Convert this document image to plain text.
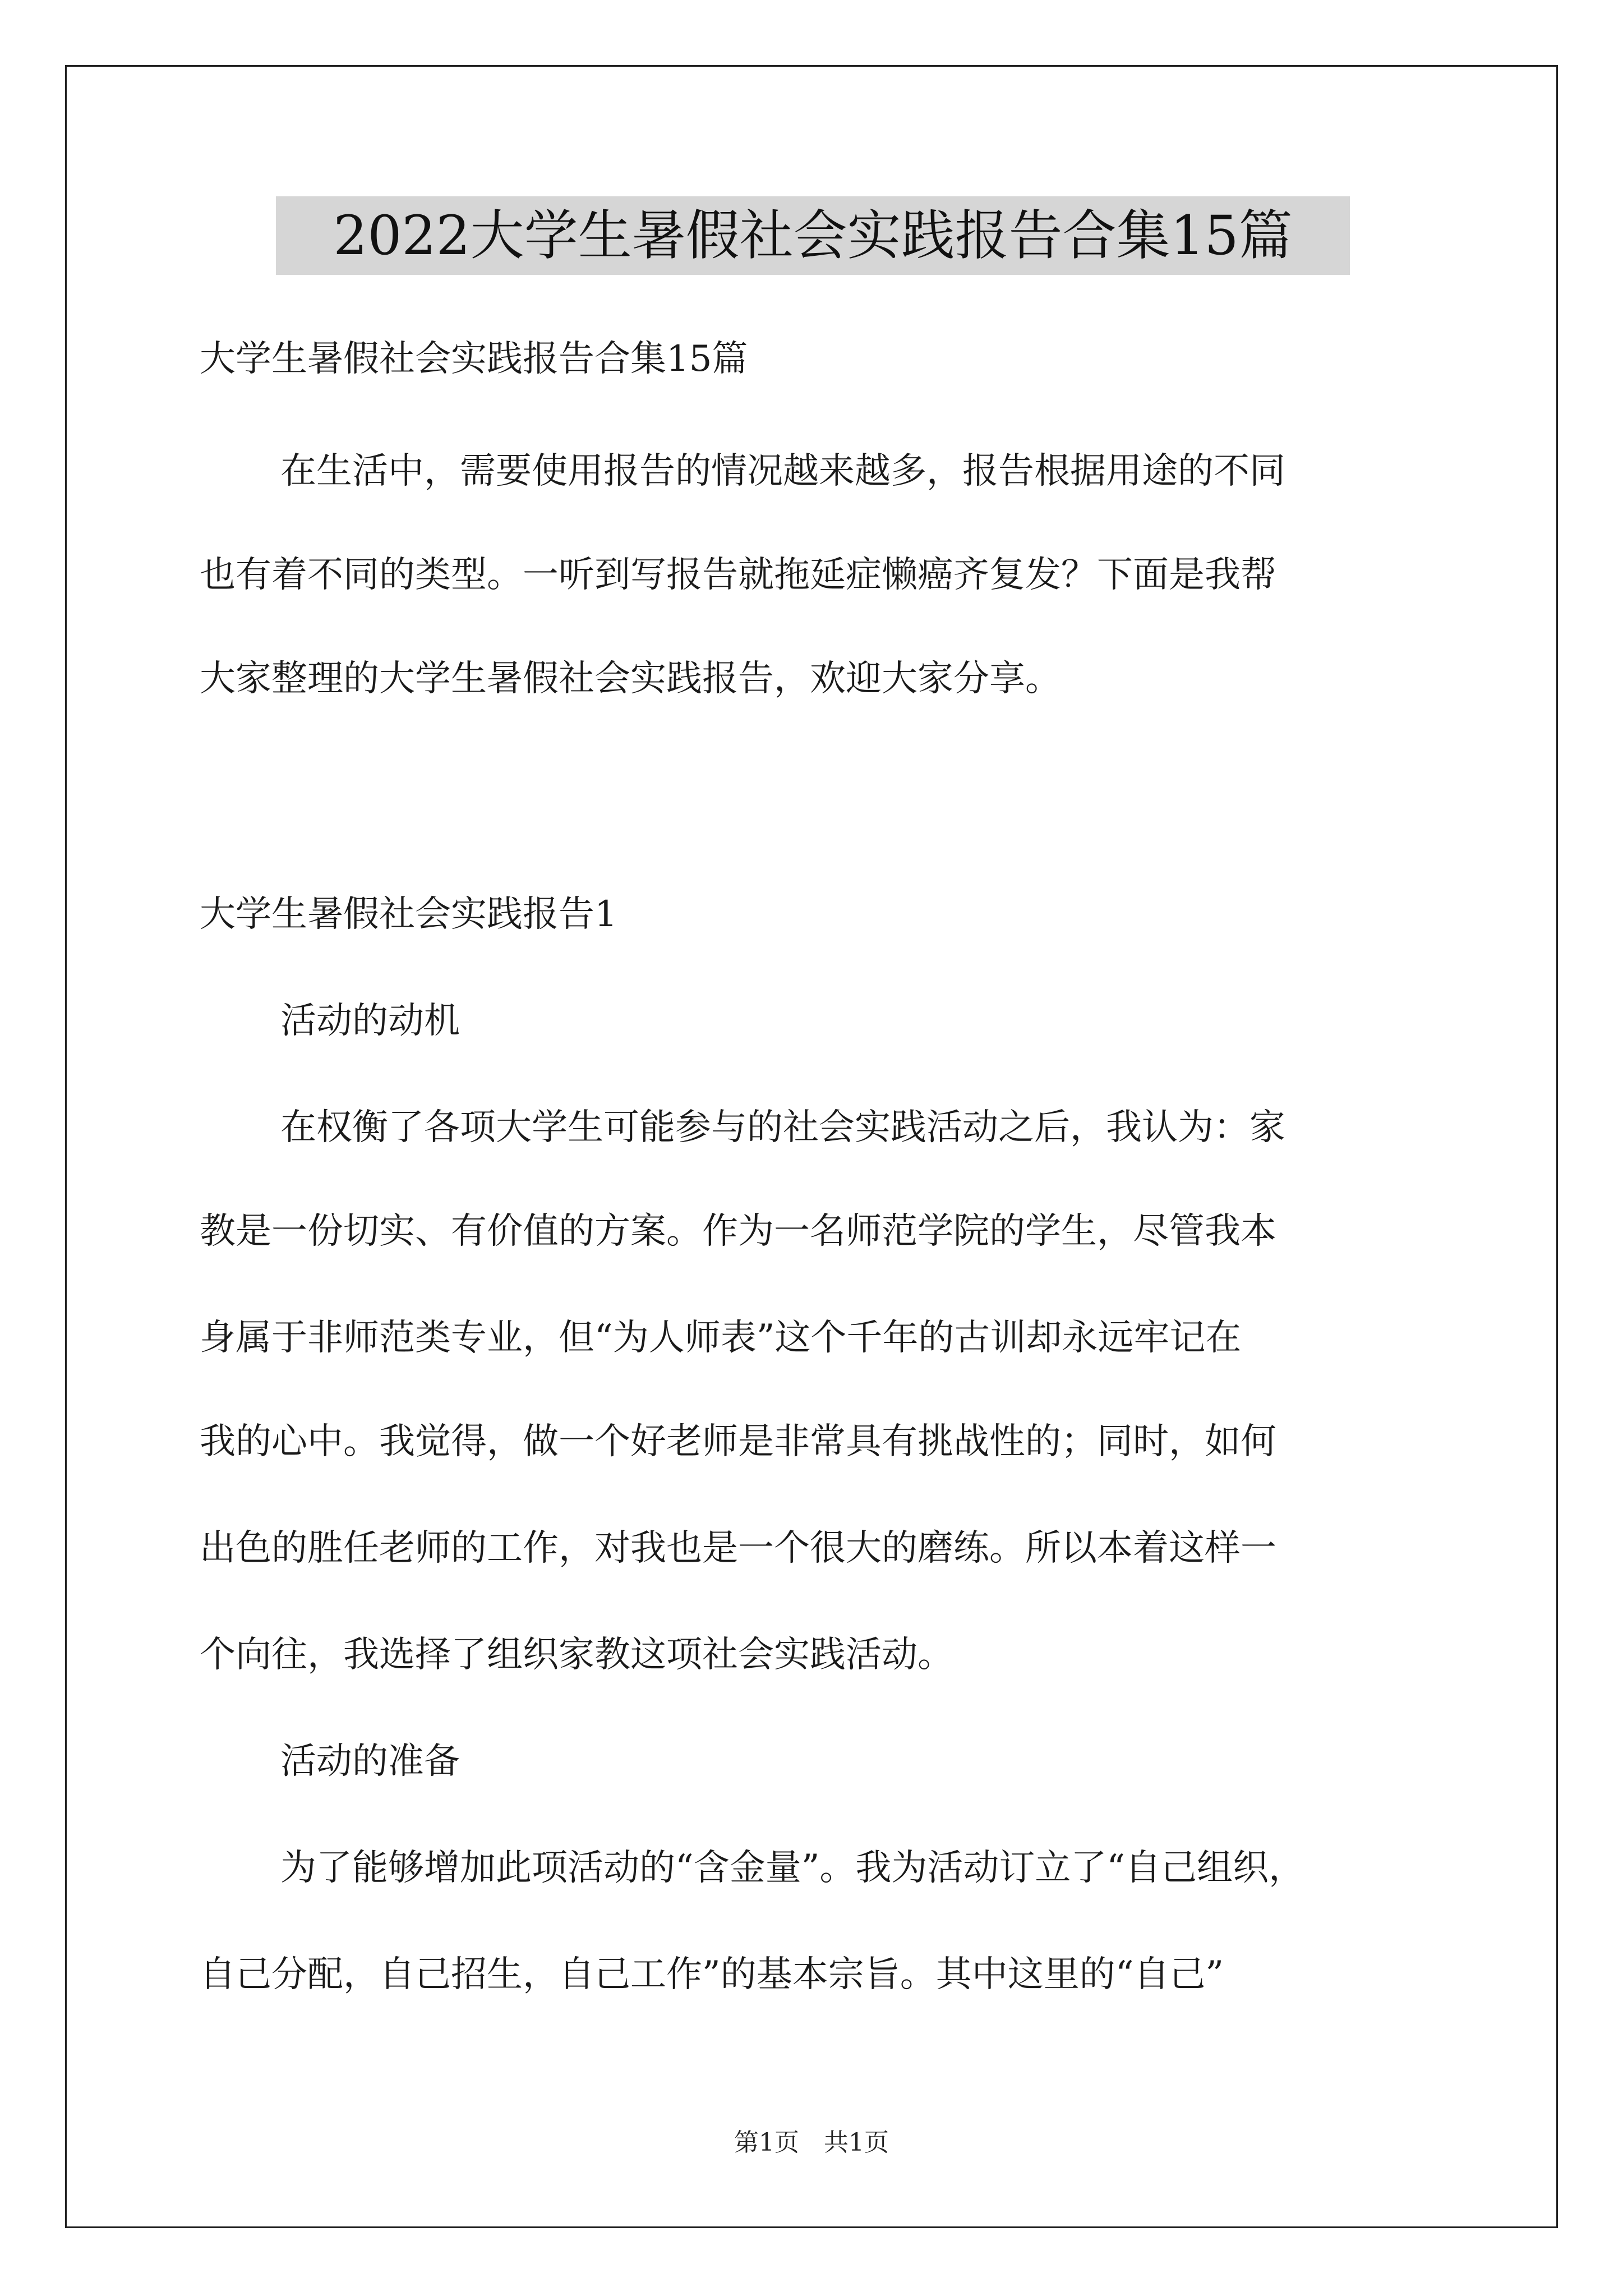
2022大学生暑假社会实践报告合集15篇
大学生暑假社会实践报告合集15篇
在生活中，需要使用报告的情况越来越多，报告根据用途的不同
也有着不同的类型。一听到写报告就拖延症懒癌齐复发？下面是我帮
大家整理的大学生暑假社会实践报告，欢迎大家分享。
大学生暑假社会实践报告1
活动的动机
在权衡了各项大学生可能参与的社会实践活动之后，我认为：家
教是一份切实、有价值的方案。作为一名师范学院的学生，尽管我本
身属于非师范类专业，但“为人师表”这个千年的古训却永远牢记在
我的心中。我觉得，做一个好老师是非常具有挑战性的；同时，如何
出色的胜任老师的工作，对我也是一个很大的磨练。所以本着这样一
个向往，我选择了组织家教这项社会实践活动。
活动的准备
为了能够增加此项活动的“含金量”。我为活动订立了“自己组织，
自己分配，自己招生，自己工作”的基本宗旨。其中这里的“自己”
第1页　共1页
